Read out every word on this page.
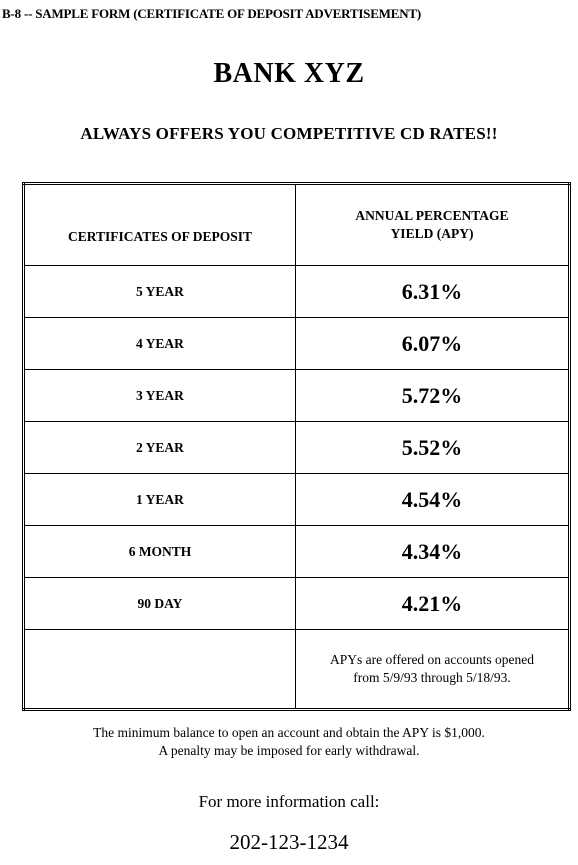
B-8 -- SAMPLE FORM (CERTIFICATE OF DEPOSIT ADVERTISEMENT)
BANK XYZ
ALWAYS OFFERS YOU COMPETITIVE CD RATES!!
CERTIFICATES OF DEPOSIT	ANNUAL PERCENTAGE
YIELD (APY)

5 YEAR	6.31%
4 YEAR	6.07%
3 YEAR	5.72%
2 YEAR	5.52%
1 YEAR	4.54%
6 MONTH	4.34%
90 DAY	4.21%

	APYs are offered on accounts opened
from 5/9/93 through 5/18/93.
The minimum balance to open an account and obtain the APY is $1,000.
A penalty may be imposed for early withdrawal.
For more information call:
202-123-1234
